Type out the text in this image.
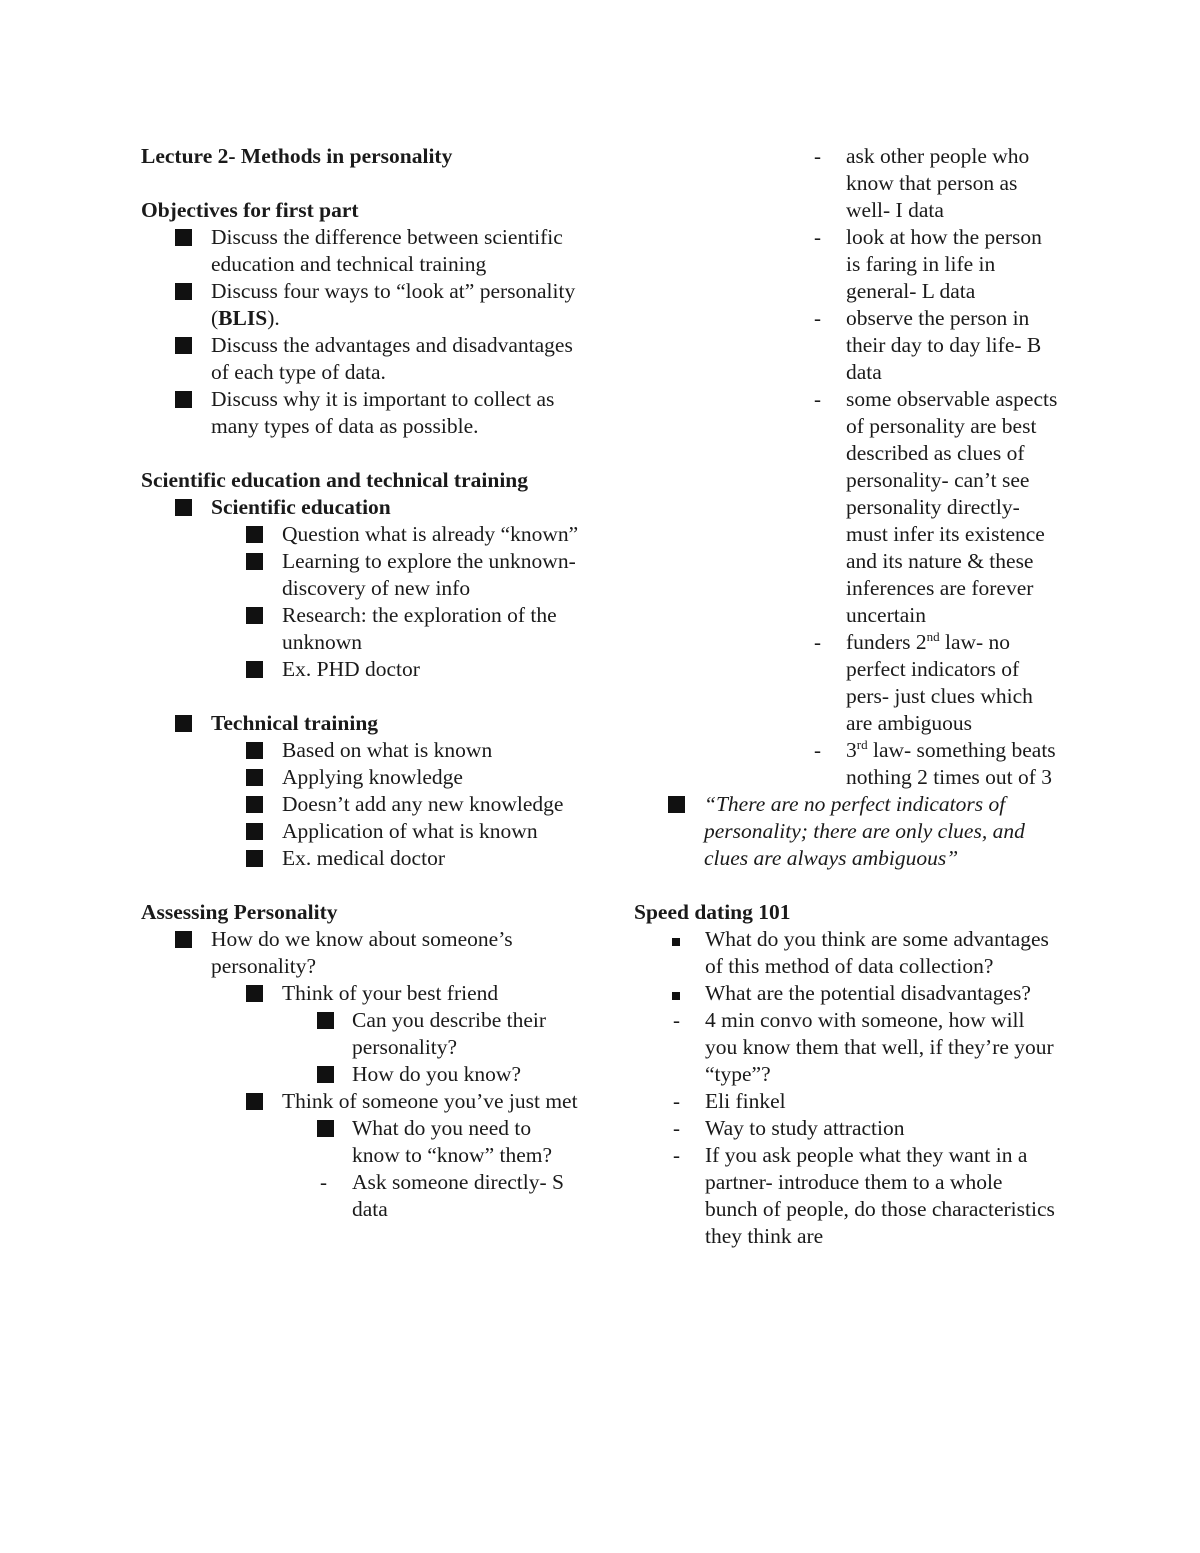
Lecture 2- Methods in personality

Objectives for first part

Discuss the difference between scientific education and technical training
Discuss four ways to “look at” personality (BLIS).
Discuss the advantages and disadvantages of each type of data.
Discuss why it is important to collect as many types of data as possible.

Scientific education and technical training

Scientific education
Question what is already “known”
Learning to explore the unknown- discovery of new info
Research: the exploration of the unknown
Ex. PHD doctor
Technical training
Based on what is known
Applying knowledge
Doesn’t add any new knowledge
Application of what is known
Ex. medical doctor

Assessing Personality

How do we know about someone’s personality?
Think of your best friend
Can you describe their personality?
How do you know?
Think of someone you’ve just met
What do you need to know to “know” them?
- Ask someone directly- S data
- ask other people who know that person as well- I data
- look at how the person is faring in life in general- L data
- observe the person in their day to day life- B data
- some observable aspects of personality are best described as clues of personality- can’t see personality directly- must infer its existence and its nature & these inferences are forever uncertain
- funders 2nd law- no perfect indicators of pers- just clues which are ambiguous
- 3rd law- something beats nothing 2 times out of 3
“There are no perfect indicators of personality; there are only clues, and clues are always ambiguous”

Speed dating 101

What do you think are some advantages of this method of data collection?
What are the potential disadvantages?
- 4 min convo with someone, how will you know them that well, if they’re your “type”?
- Eli finkel
- Way to study attraction
- If you ask people what they want in a partner- introduce them to a whole bunch of people, do those characteristics they think are
